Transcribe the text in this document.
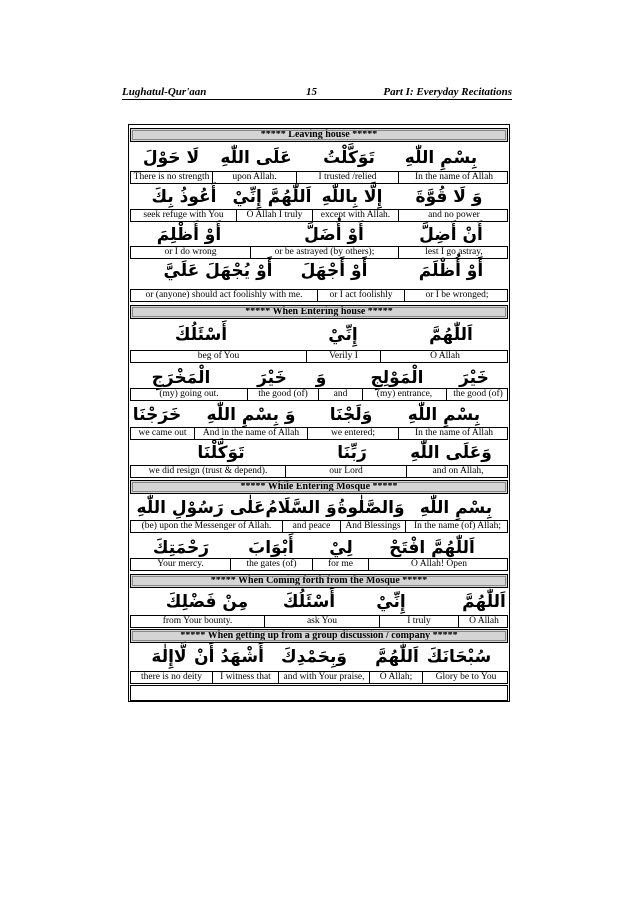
Lughatul-Qur'aan	15	Part I: Everyday Recitations
***** Leaving house *****
بِسْمِ اللّٰهِ
تَوَكَّلْتُ
عَلَى اللّٰهِ
لَا حَوْلَ
In the name of Allah
I trusted /relied
upon Allah.
There is no strength
وَ لَا قُوَّةَ
إِلَّا بِاللّٰهِ
اَللّٰهُمَّ إِنِّيْ
أَعُوذُ بِكَ
and no power
except with Allah.
O Allah I truly
seek refuge with You
أَنْ أَضِلَّ
أَوْ أُضَلَّ
أَوْ أَظْلِمَ
lest I go astray,
or be astrayed (by others);
or I do wrong
أَوْ أُظْلَمَ
أَوْ أَجْهَلَ
أَوْ يُجْهَلَ عَلَيَّ
or I be wronged;
or I act foolishly
or (anyone) should act foolishly with me.
***** When Entering house *****
اَللّٰهُمَّ
إِنِّيْ
أَسْئَلُكَ
O Allah
Verily I
beg of You
خَيْرَ
الْمَوْلِجِ
وَ
خَيْرَ
الْمَخْرَجِ
the good (of)
(my) entrance,
and
the good (of)
(my) going out.
بِسْمِ اللّٰهِ
وَلَجْنَا
وَ بِسْمِ اللّٰهِ
خَرَجْنَا
In the name of Allah
we entered;
And in the name of Allah
we came out
وَعَلَى اللّٰهِ
رَبِّنَا
تَوَكَّلْنَا
and on Allah,
our Lord
we did resign (trust & depend).
***** While Entering Mosque *****
بِسْمِ اللّٰهِ
وَالصَّلٰوةُ
وَ السَّلَامُ
عَلٰى رَسُوْلِ اللّٰهِ
In the name (of) Allah;
And Blessings
and peace
(be) upon the Messenger of Allah.
اَللّٰهُمَّ افْتَحْ
لِيْ
أَبْوَابَ
رَحْمَتِكَ
O Allah! Open
for me
the gates (of)
Your mercy.
***** When Coming forth from the Mosque *****
اَللّٰهُمَّ
إِنِّيْ
أَسْئَلُكَ
مِنْ فَضْلِكَ
O Allah
I truly
ask You
from Your bounty.
***** When getting up from a group discussion / company *****
سُبْحَانَكَ
اَللّٰهُمَّ
وَبِحَمْدِكَ
أَشْهَدُ أَنْ
لَّاإِلٰهَ
Glory be to You
O Allah;
and with Your praise,
I witness that
there is no deity
